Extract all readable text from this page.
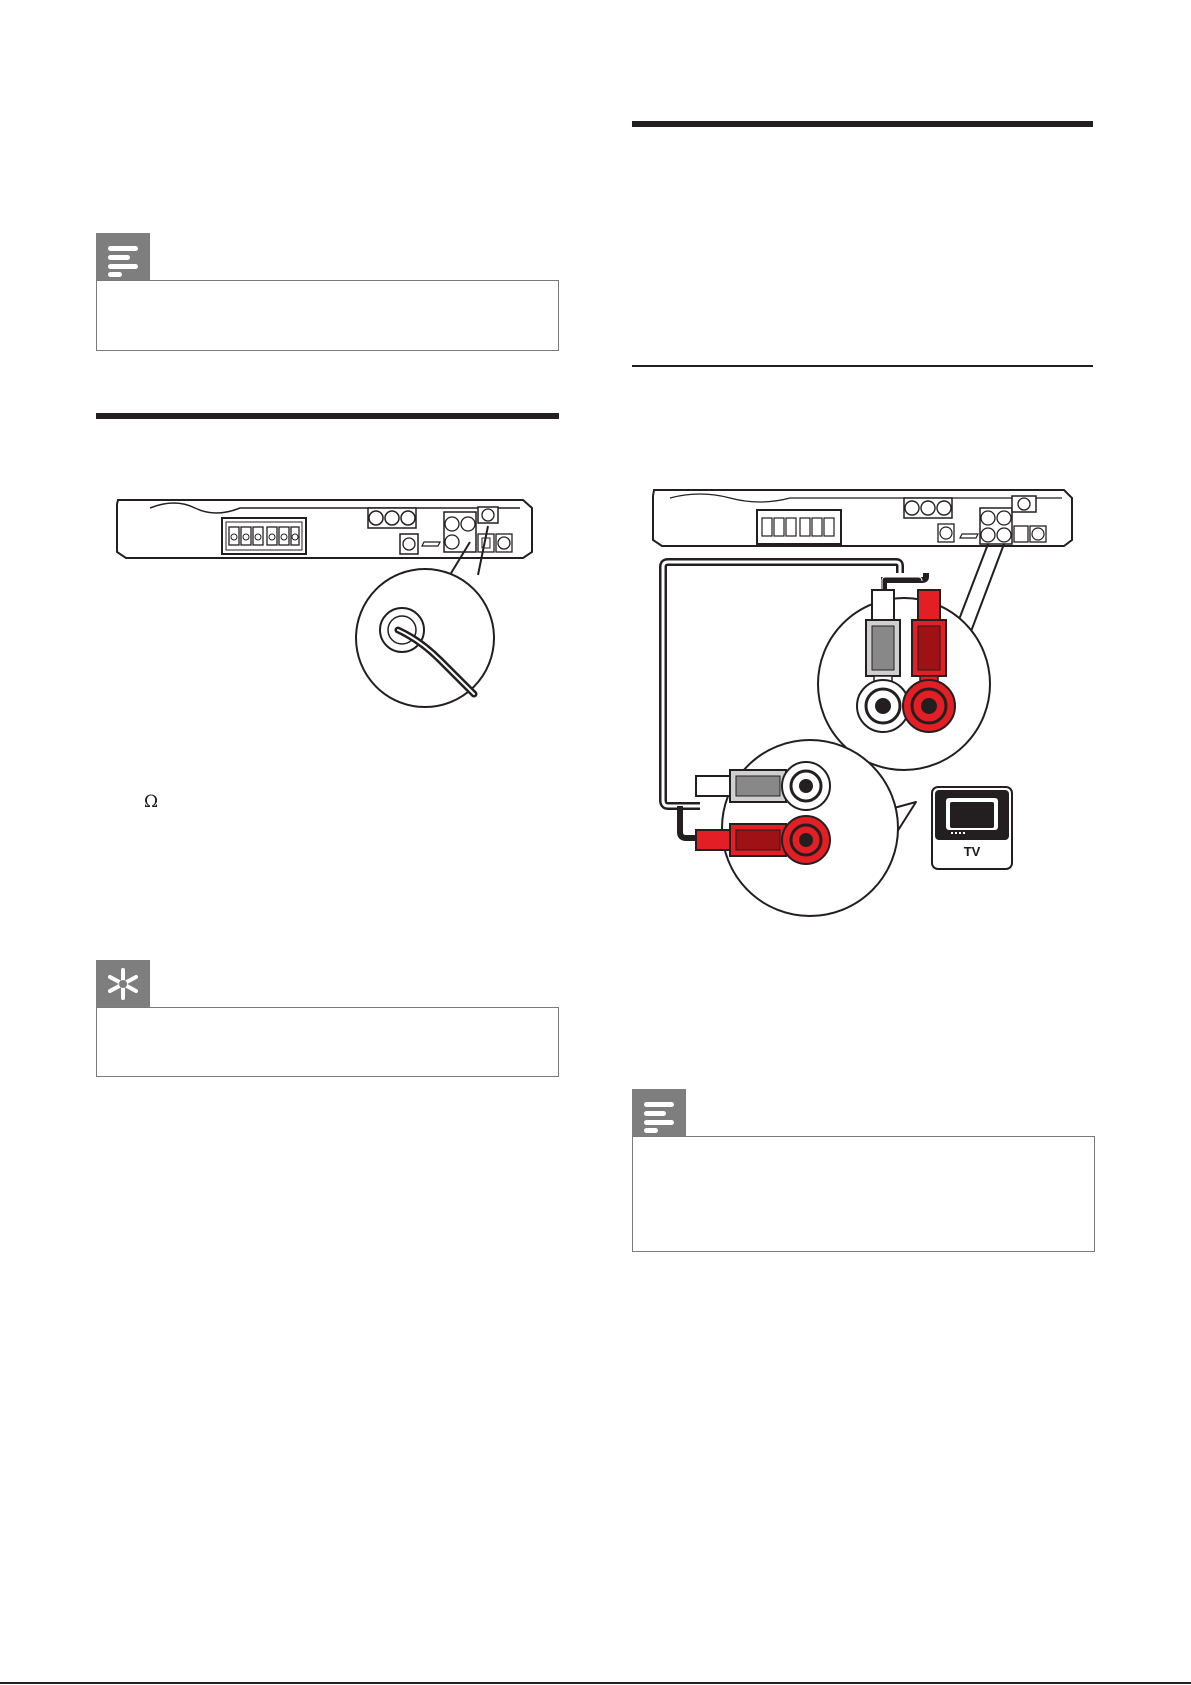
Ω
TV
